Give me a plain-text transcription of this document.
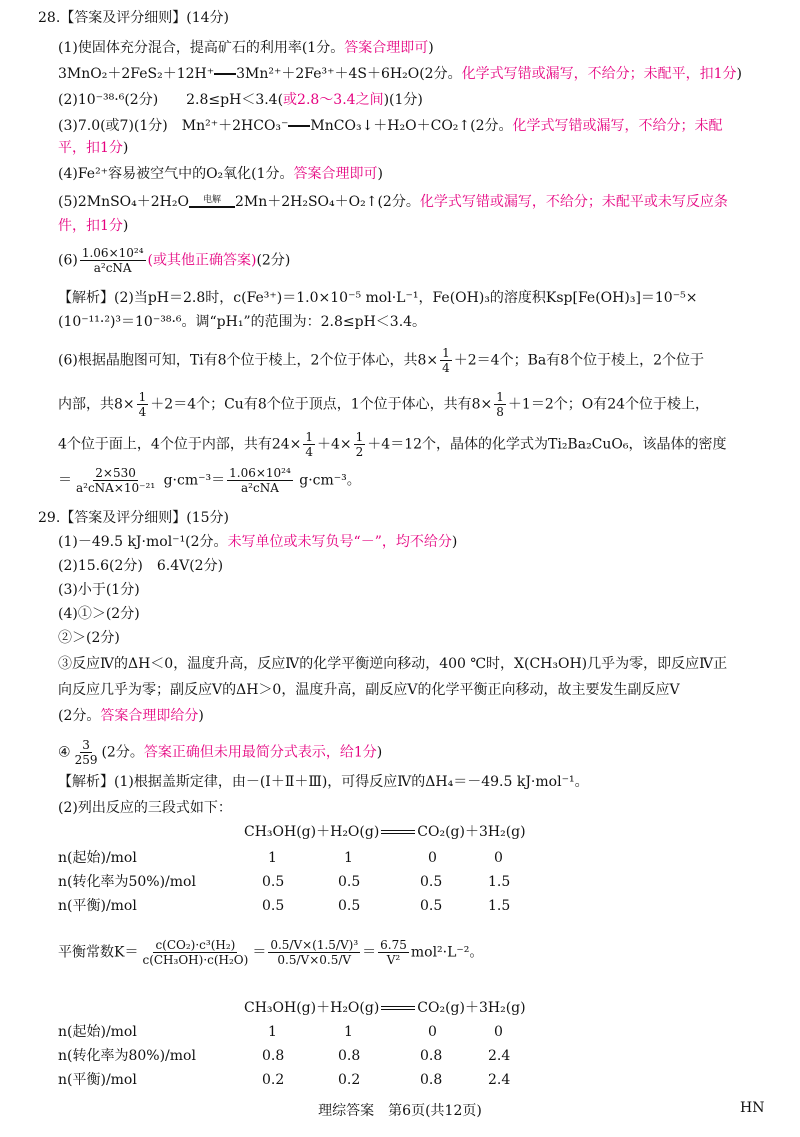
28.【答案及评分细则】(14分)
(1)使固体充分混合，提高矿石的利用率(1分。答案合理即可)
3MnO₂＋2FeS₂＋12H⁺ 3Mn²⁺＋2Fe³⁺＋4S＋6H₂O(2分。化学式写错或漏写，不给分；未配平，扣1分)
(2)10⁻³⁸·⁶(2分)　　2.8≤pH＜3.4(或2.8～3.4之间)(1分)
(3)7.0(或7)(1分)　Mn²⁺＋2HCO₃⁻ MnCO₃↓＋H₂O＋CO₂↑(2分。化学式写错或漏写，不给分；未配
平，扣1分)
(4)Fe²⁺容易被空气中的O₂氧化(1分。答案合理即可)
(5)2MnSO₄＋2H₂O	电解	2Mn＋2H₂SO₄＋O₂↑(2分。化学式写错或漏写，不给分；未配平或未写反应条
件，扣1分)
$(6) \frac{\text{1.06×10²⁴}}{\text{a²cNA}}$ (或其他正确答案)(2分)
【解析】(2)当pH＝2.8时，c(Fe³⁺)＝1.0×10⁻⁵ mol·L⁻¹，Fe(OH)₃的溶度积Ksp[Fe(OH)₃]＝10⁻⁵×
(10⁻¹¹·²)³＝10⁻³⁸·⁶。调“pH₁”的范围为：2.8≤pH＜3.4。
(6)根据晶胞图可知，Ti有8个位于棱上，2个位于体心，共$8\times \frac{1}{4} +2=4$个；Ba有8个位于棱上，2个位于
内部，共$8\times \frac{1}{4} +2=4$个；Cu有8个位于顶点，1个位于体心，共有$8\times \frac{1}{8} +1=2$个；O有24个位于棱上，
4个位于面上，4个位于内部，共有$24\times \frac{1}{4} +4\times \frac{1}{2} +4=12$个，晶体的化学式为Ti₂Ba₂CuO₆，该晶体的密度
＝ $\frac{2\times 530}{\text{a²cNA×10⁻²¹}} g\cdot cm^{-3}= \frac{\text{1.06×10²⁴}}{\text{a²cNA}} g\cdot cm^{-3}$。
29.【答案及评分细则】(15分)
(1)－49.5 kJ·mol⁻¹(2分。未写单位或未写负号“－”，均不给分)
(2)15.6(2分)　6.4V(2分)
(3)小于(1分)
(4)①＞(2分)
②＞(2分)
③反应Ⅳ的ΔH＜0，温度升高，反应Ⅳ的化学平衡逆向移动，400 ℃时，X(CH₃OH)几乎为零，即反应Ⅳ正
向反应几乎为零；副反应Ⅴ的ΔH＞0，温度升高，副反应Ⅴ的化学平衡正向移动，故主要发生副反应Ⅴ
(2分。答案合理即给分)
④ $\frac{3}{259} (2$分。答案正确但未用最简分式表示，给1分)
【解析】(1)根据盖斯定律，由－(Ⅰ＋Ⅱ＋Ⅲ)，可得反应Ⅳ的ΔH₄＝－49.5 kJ·mol⁻¹。
(2)列出反应的三段式如下：
CH₃OH(g)＋H₂O(g)	CO₂(g)＋3H₂(g)
n(起始)/mol	1	1	0	0
n(转化率为50%)/mol	0.5	0.5	0.5	1.5
n(平衡)/mol	0.5	0.5	0.5	1.5
平衡常数$K= \frac{\text{c(CO₂)·c³(H₂)}}{\text{c(CH₃OH)·c(H₂O)}} = \frac{\text{0.5/V×(1.5/V)³}}{0.5/V\times 0.5/V} = \frac{6.75}{\text{V²}} mol^2\cdot L^{-2}$。
CH₃OH(g)＋H₂O(g)	CO₂(g)＋3H₂(g)
n(起始)/mol	1	1	0	0
n(转化率为80%)/mol	0.8	0.8	0.8	2.4
n(平衡)/mol	0.2	0.2	0.8	2.4
理综答案　第6页(共12页)	HN
